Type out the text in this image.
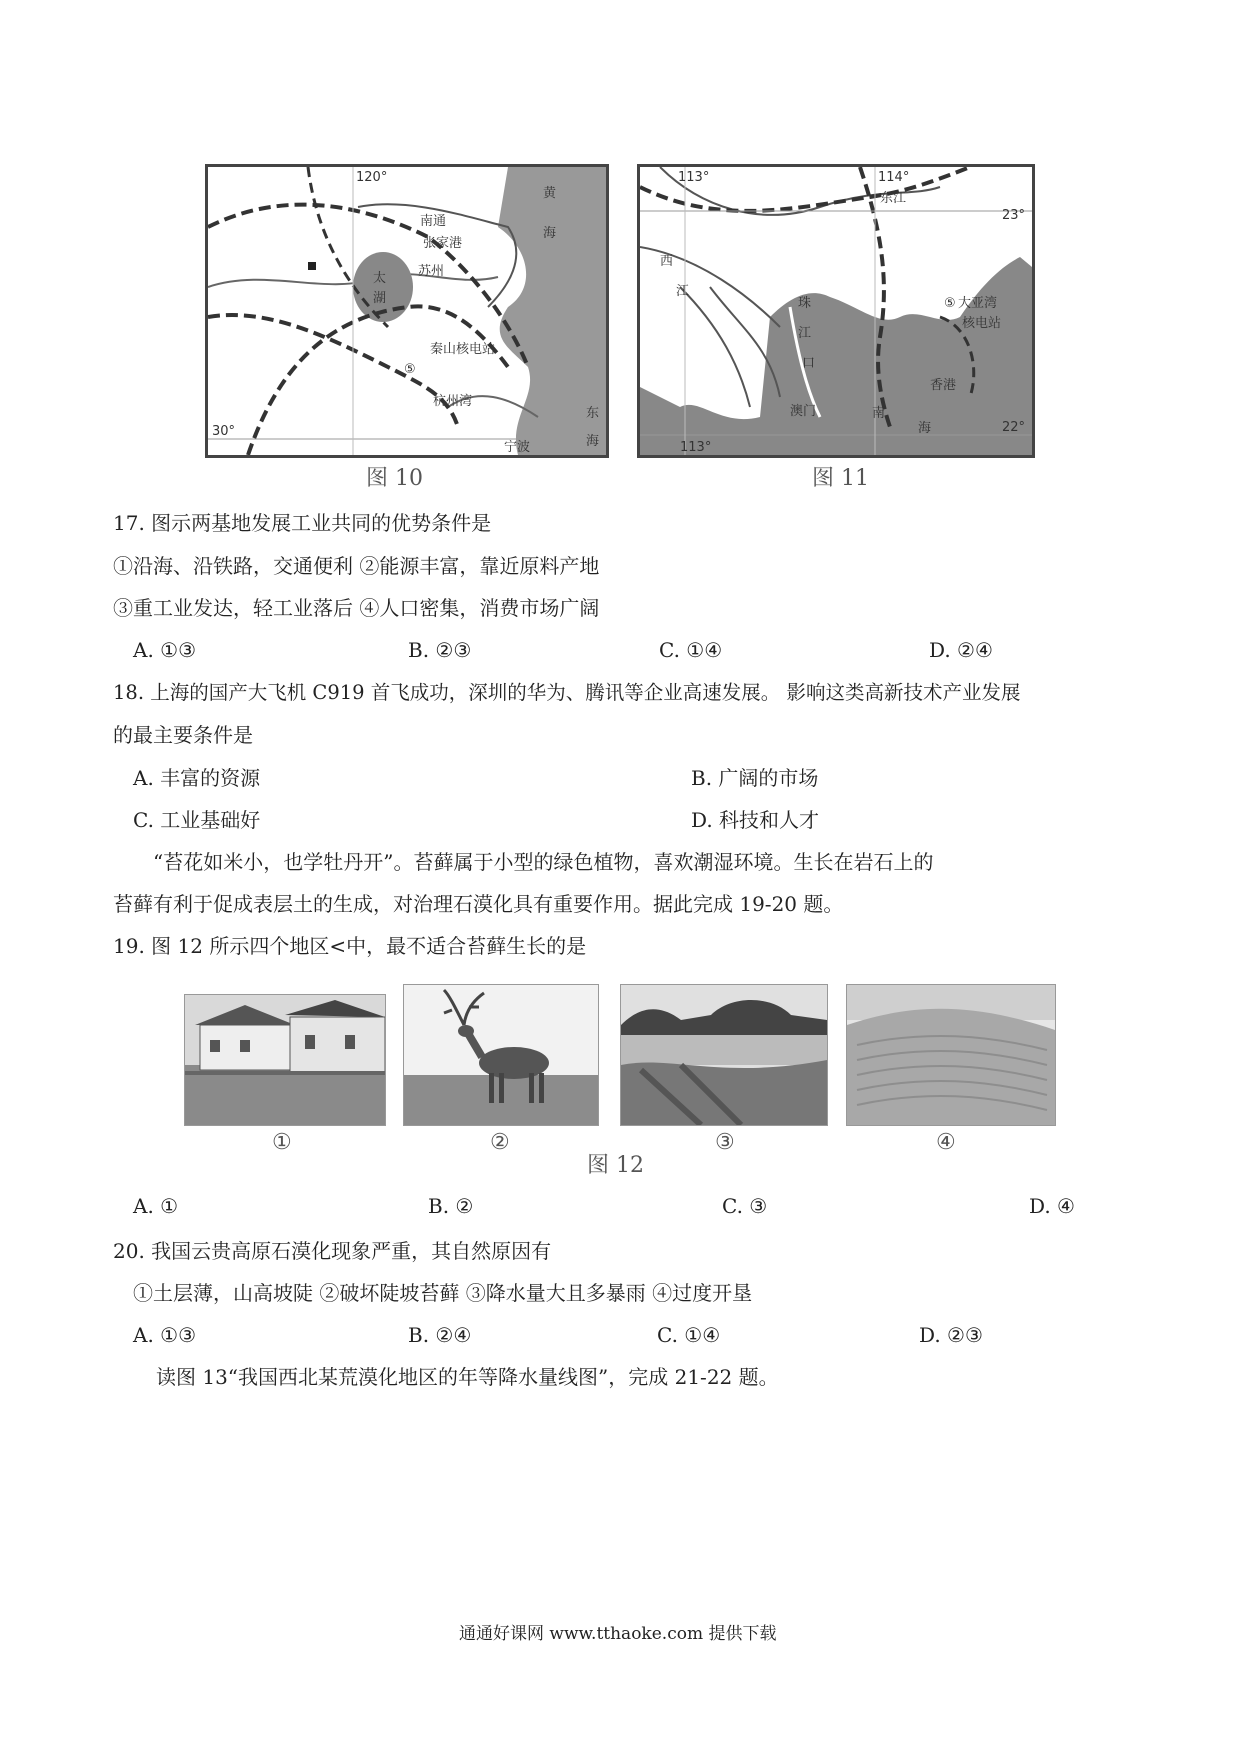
120°
黄
海
南通
张家港
苏州
太
湖
秦山核电站
杭州湾
宁波
东
30°
海
⑤
图 10
113°	114°
东江
23°
西
江
珠
江
口
澳门	南
海
香港
大亚湾
核电站
113°
22°
⑤
图 11
17. 图示两基地发展工业共同的优势条件是
①沿海、沿铁路，交通便利 ②能源丰富，靠近原料产地
③重工业发达，轻工业落后 ④人口密集，消费市场广阔
A. ①③	B. ②③	C. ①④	D. ②④
18. 上海的国产大飞机 C919 首飞成功，深圳的华为、腾讯等企业高速发展。 影响这类高新技术产业发展
的最主要条件是
A. 丰富的资源	B. 广阔的市场
C. 工业基础好	D. 科技和人才
“苔花如米小，也学牡丹开”。苔藓属于小型的绿色植物，喜欢潮湿环境。生长在岩石上的
苔藓有利于促成表层土的生成，对治理石漠化具有重要作用。据此完成 19-20 题。
19. 图 12 所示四个地区<中，最不适合苔藓生长的是
①	②	③	④
图 12
A. ①	B. ②	C. ③	D. ④
20. 我国云贵高原石漠化现象严重，其自然原因有
①土层薄，山高坡陡 ②破坏陡坡苔藓 ③降水量大且多暴雨 ④过度开垦
A. ①③	B. ②④	C. ①④	D. ②③
读图 13“我国西北某荒漠化地区的年等降水量线图”，完成 21-22 题。
通通好课网 www.tthaoke.com 提供下载
